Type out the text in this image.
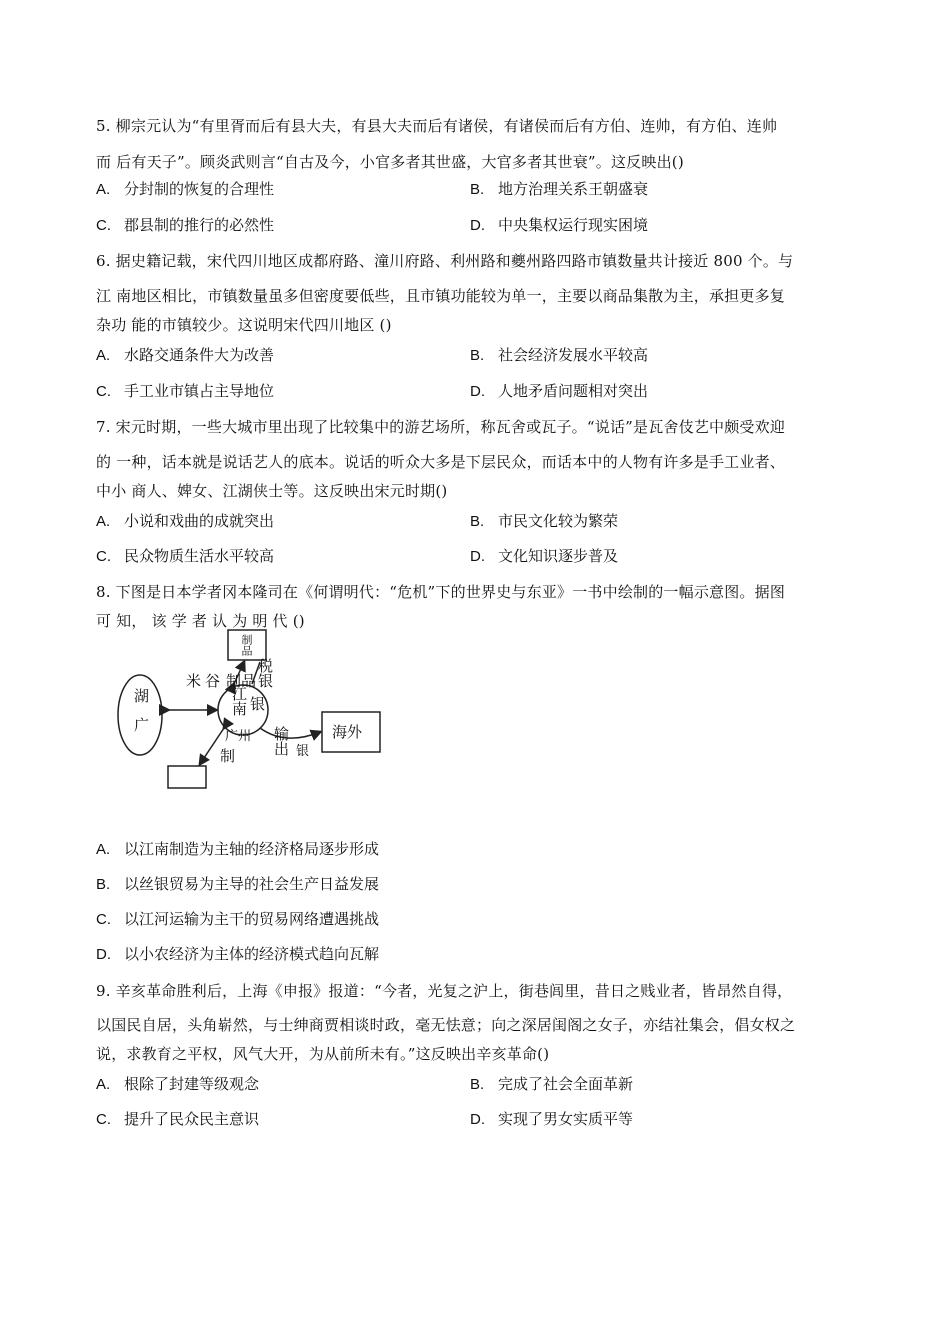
5. 柳宗元认为“有里胥而后有县大夫，有县大夫而后有诸侯，有诸侯而后有方伯、连帅，有方伯、连帅
而 后有天子”。顾炎武则言“自古及今，小官多者其世盛，大官多者其世衰”。这反映出()
A. 分封制的恢复的合理性	B. 地方治理关系王朝盛衰
C. 郡县制的推行的必然性	D. 中央集权运行现实困境
6. 据史籍记载，宋代四川地区成都府路、潼川府路、利州路和夔州路四路市镇数量共计接近 800 个。与
江 南地区相比，市镇数量虽多但密度要低些，且市镇功能较为单一，主要以商品集散为主，承担更多复
杂功 能的市镇较少。这说明宋代四川地区 ()
A. 水路交通条件大为改善	B. 社会经济发展水平较高
C. 手工业市镇占主导地位	D. 人地矛盾问题相对突出
7. 宋元时期，一些大城市里出现了比较集中的游艺场所，称瓦舍或瓦子。“说话”是瓦舍伎艺中颇受欢迎
的 一种，话本就是说话艺人的底本。说话的听众大多是下层民众，而话本中的人物有许多是手工业者、
中小 商人、婢女、江湖侠士等。这反映出宋元时期()
A. 小说和戏曲的成就突出	B. 市民文化较为繁荣
C. 民众物质生活水平较高	D. 文化知识逐步普及
8. 下图是日本学者冈本隆司在《何谓明代：“危机”下的世界史与东亚》一书中绘制的一幅示意图。据图
可 知， 该 学 者 认 为 明 代 ()
湖广
米谷 制品
江南
广州
制
税银
银
制品
输出 银
海外
A. 以江南制造为主轴的经济格局逐步形成
B. 以丝银贸易为主导的社会生产日益发展
C. 以江河运输为主干的贸易网络遭遇挑战
D. 以小农经济为主体的经济模式趋向瓦解
9. 辛亥革命胜利后，上海《申报》报道：“今者，光复之沪上，街巷闾里，昔日之贱业者，皆昂然自得，
以国民自居，头角崭然，与士绅商贾相谈时政，毫无怯意；向之深居闺阁之女子，亦结社集会，倡女权之
说，求教育之平权，风气大开，为从前所未有。”这反映出辛亥革命()
A. 根除了封建等级观念	B. 完成了社会全面革新
C. 提升了民众民主意识	D. 实现了男女实质平等
